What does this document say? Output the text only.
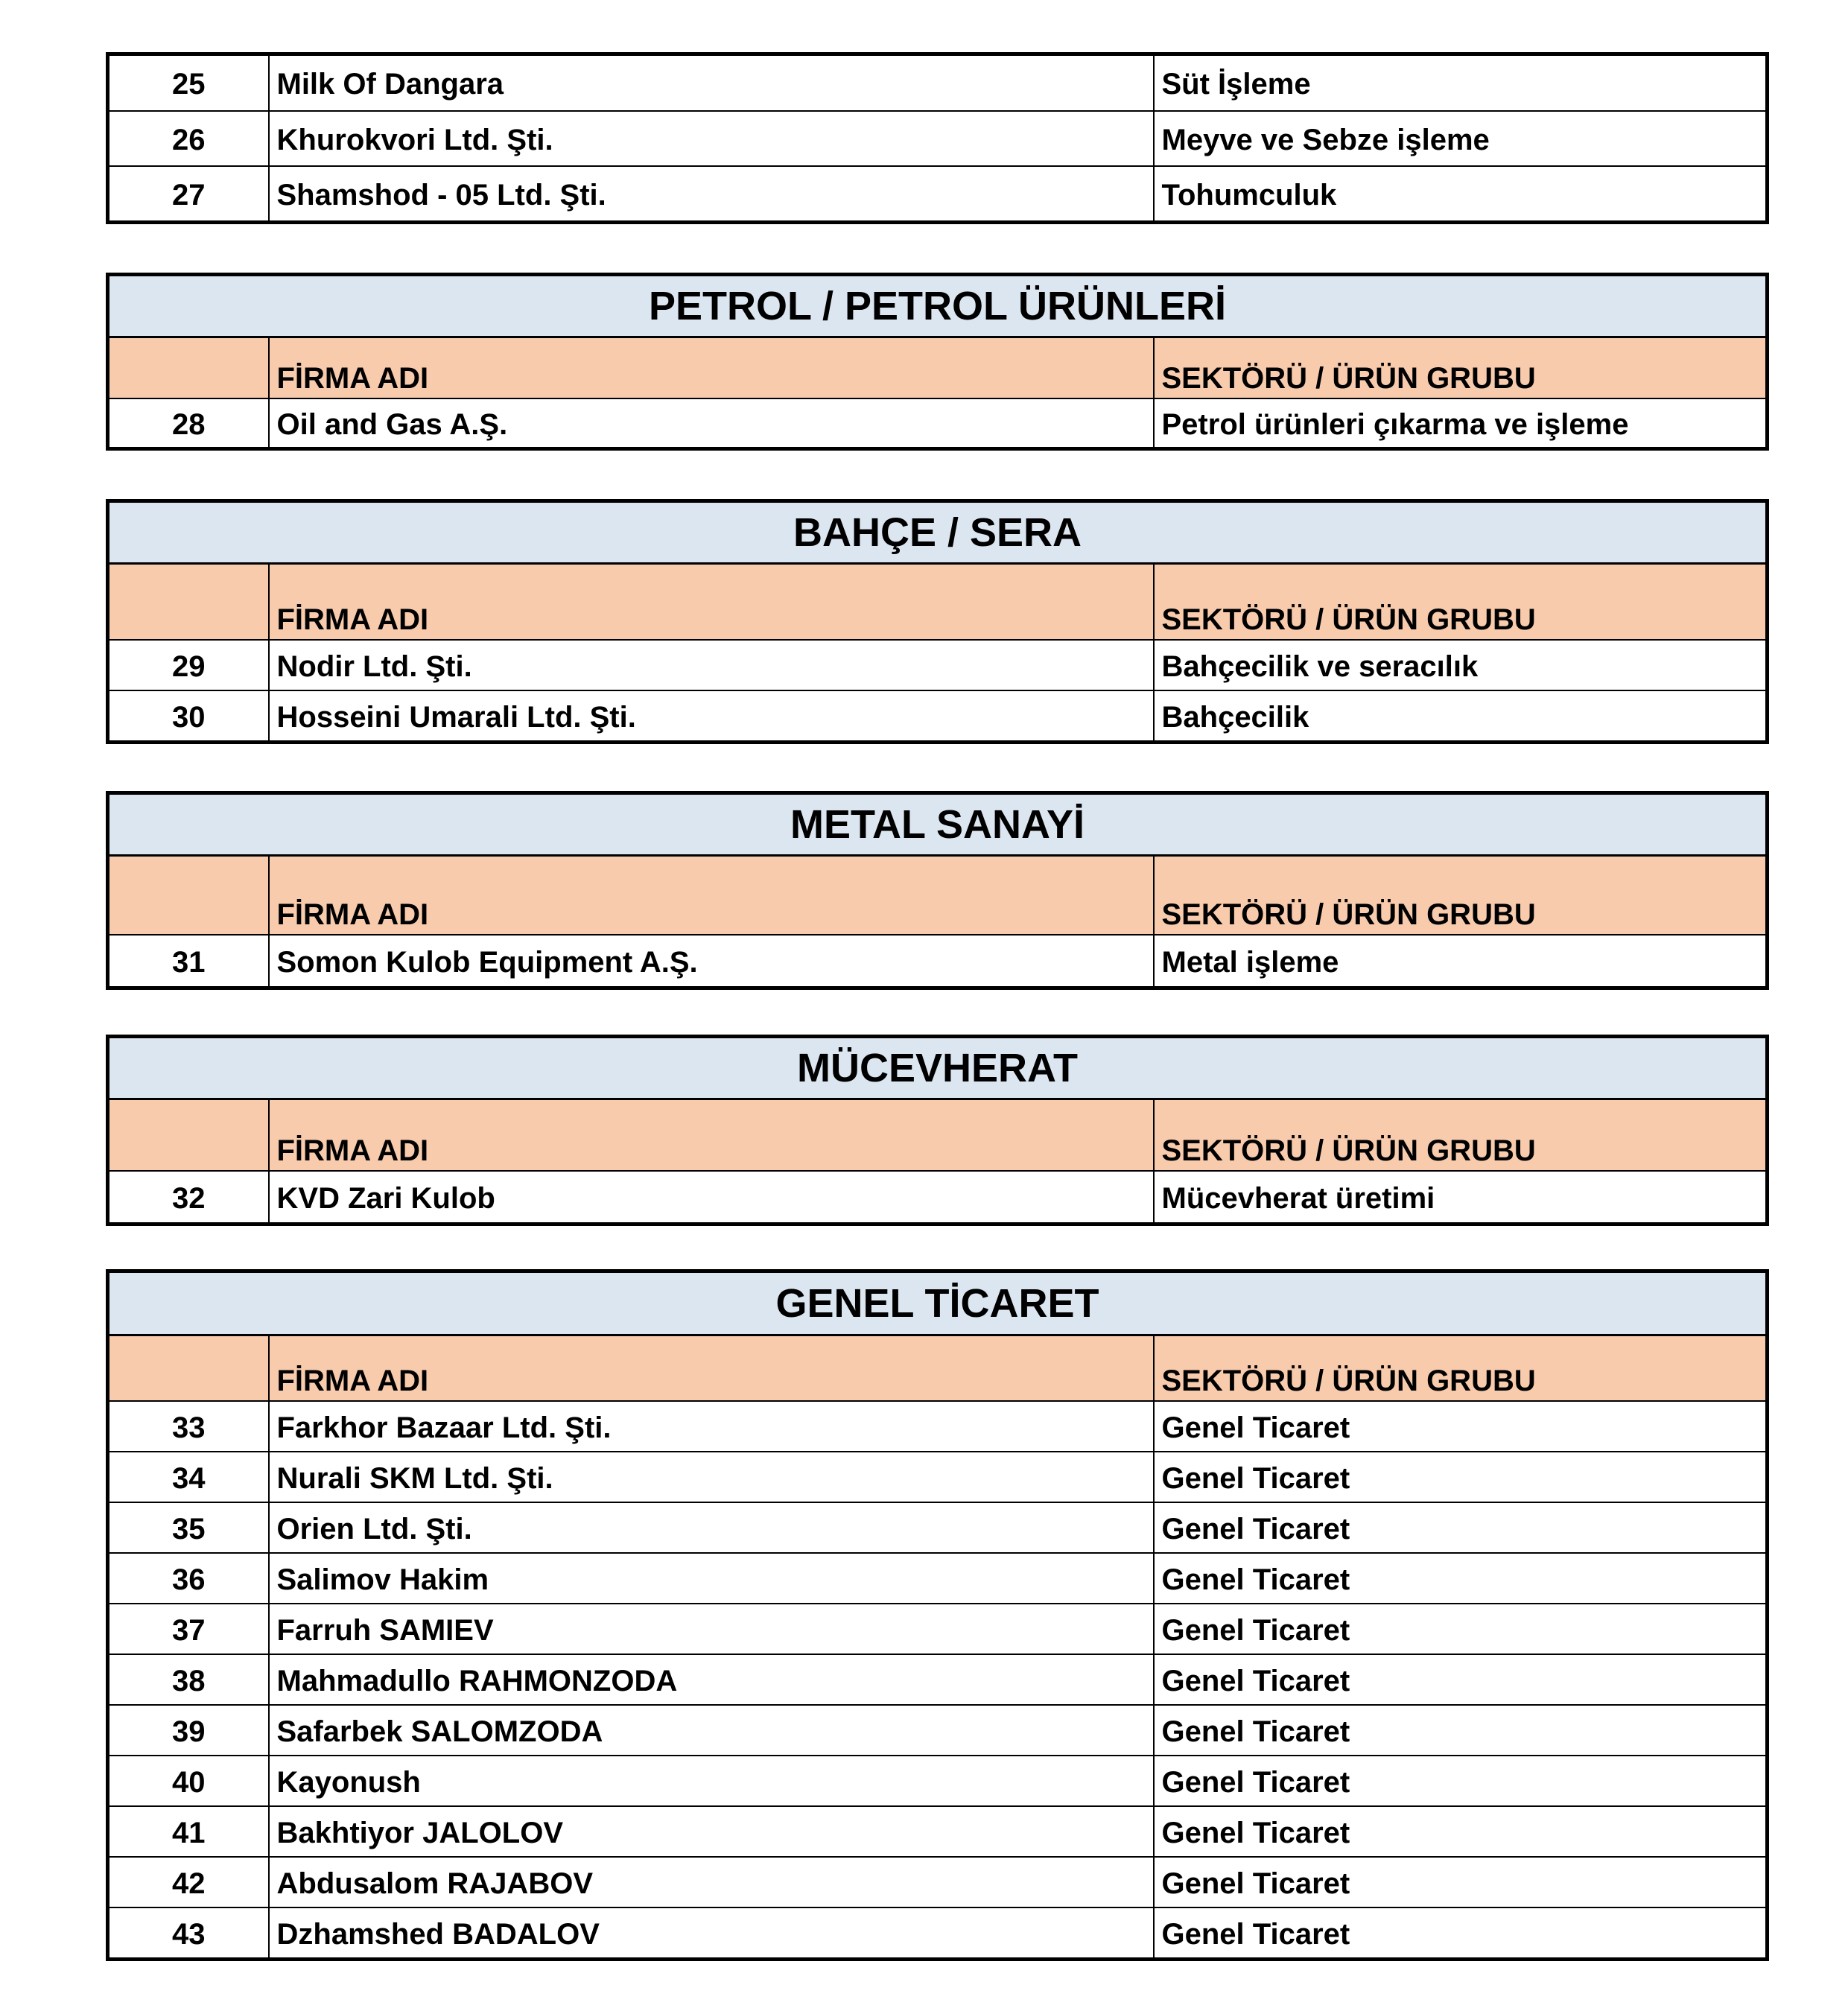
25	Milk Of Dangara	Süt İşleme
26	Khurokvori Ltd. Şti.	Meyve ve Sebze işleme
27	Shamshod - 05 Ltd. Şti.	Tohumculuk
PETROL / PETROL ÜRÜNLERİ		
	FİRMA ADI	SEKTÖRÜ / ÜRÜN GRUBU
28	Oil and Gas A.Ş.	Petrol ürünleri çıkarma ve işleme
BAHÇE / SERA		
	FİRMA ADI	SEKTÖRÜ / ÜRÜN GRUBU
29	Nodir Ltd. Şti.	Bahçecilik ve seracılık
30	Hosseini Umarali Ltd. Şti.	Bahçecilik
METAL SANAYİ		
	FİRMA ADI	SEKTÖRÜ / ÜRÜN GRUBU
31	Somon Kulob Equipment A.Ş.	Metal işleme
MÜCEVHERAT		
	FİRMA ADI	SEKTÖRÜ / ÜRÜN GRUBU
32	KVD Zari Kulob	Mücevherat üretimi
GENEL TİCARET		
	FİRMA ADI	SEKTÖRÜ / ÜRÜN GRUBU
33	Farkhor Bazaar Ltd. Şti.	Genel Ticaret
34	Nurali SKM Ltd. Şti.	Genel Ticaret
35	Orien Ltd. Şti.	Genel Ticaret
36	Salimov Hakim	Genel Ticaret
37	Farruh SAMIEV	Genel Ticaret
38	Mahmadullo RAHMONZODA	Genel Ticaret
39	Safarbek SALOMZODA	Genel Ticaret
40	Kayonush	Genel Ticaret
41	Bakhtiyor JALOLOV	Genel Ticaret
42	Abdusalom RAJABOV	Genel Ticaret
43	Dzhamshed BADALOV	Genel Ticaret
